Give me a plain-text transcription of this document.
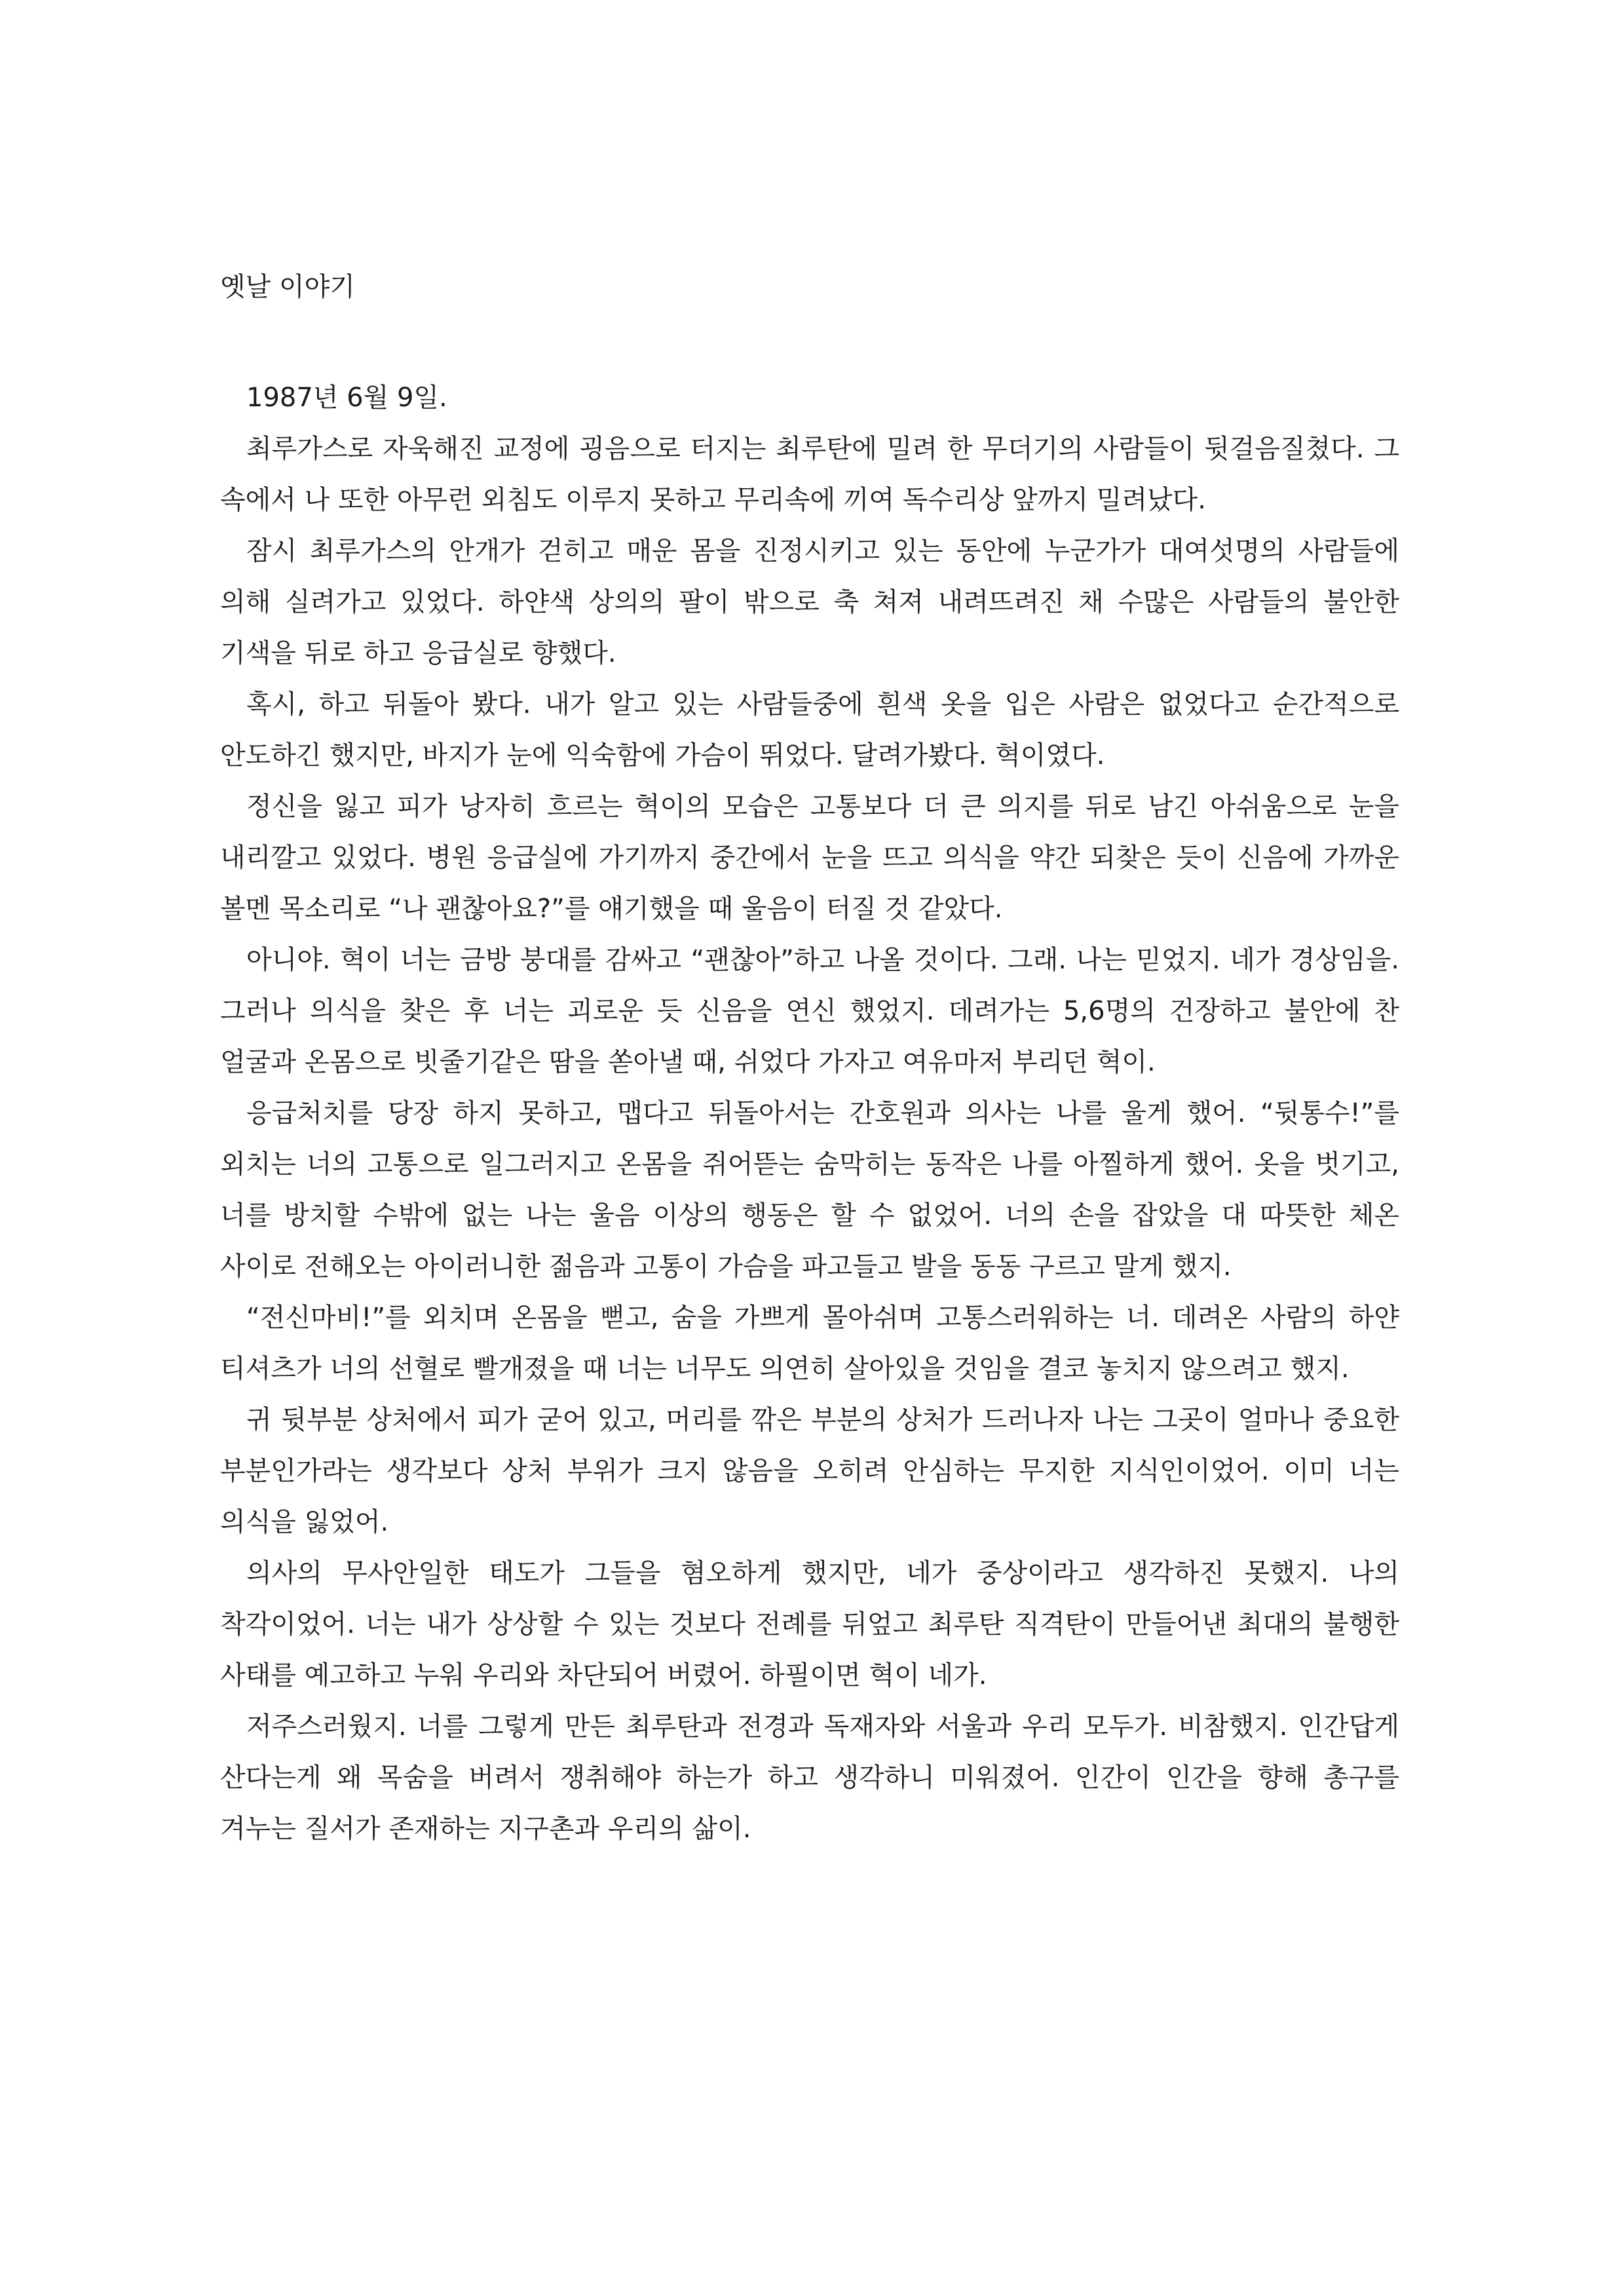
옛날 이야기

1987년 6월 9일.

최루가스로 자욱해진 교정에 굉음으로 터지는 최루탄에 밀려 한 무더기의 사람들이 뒷걸음질쳤다. 그 속에서 나 또한 아무런 외침도 이루지 못하고 무리속에 끼여 독수리상 앞까지 밀려났다.

잠시 최루가스의 안개가 걷히고 매운 몸을 진정시키고 있는 동안에 누군가가 대여섯명의 사람들에 의해 실려가고 있었다. 하얀색 상의의 팔이 밖으로 축 쳐져 내려뜨려진 채 수많은 사람들의 불안한 기색을 뒤로 하고 응급실로 향했다.

혹시, 하고 뒤돌아 봤다. 내가 알고 있는 사람들중에 흰색 옷을 입은 사람은 없었다고 순간적으로 안도하긴 했지만, 바지가 눈에 익숙함에 가슴이 뛰었다. 달려가봤다. 혁이였다.

정신을 잃고 피가 낭자히 흐르는 혁이의 모습은 고통보다 더 큰 의지를 뒤로 남긴 아쉬움으로 눈을 내리깔고 있었다. 병원 응급실에 가기까지 중간에서 눈을 뜨고 의식을 약간 되찾은 듯이 신음에 가까운 볼멘 목소리로 “나 괜찮아요?”를 얘기했을 때 울음이 터질 것 같았다.

아니야. 혁이 너는 금방 붕대를 감싸고 “괜찮아”하고 나올 것이다. 그래. 나는 믿었지. 네가 경상임을. 그러나 의식을 찾은 후 너는 괴로운 듯 신음을 연신 했었지. 데려가는 5,6명의 건장하고 불안에 찬 얼굴과 온몸으로 빗줄기같은 땀을 쏟아낼 때, 쉬었다 가자고 여유마저 부리던 혁이.

응급처치를 당장 하지 못하고, 맵다고 뒤돌아서는 간호원과 의사는 나를 울게 했어. “뒷통수!”를 외치는 너의 고통으로 일그러지고 온몸을 쥐어뜯는 숨막히는 동작은 나를 아찔하게 했어. 옷을 벗기고, 너를 방치할 수밖에 없는 나는 울음 이상의 행동은 할 수 없었어. 너의 손을 잡았을 대 따뜻한 체온 사이로 전해오는 아이러니한 젊음과 고통이 가슴을 파고들고 발을 동동 구르고 말게 했지.

“전신마비!”를 외치며 온몸을 뻗고, 숨을 가쁘게 몰아쉬며 고통스러워하는 너. 데려온 사람의 하얀 티셔츠가 너의 선혈로 빨개졌을 때 너는 너무도 의연히 살아있을 것임을 결코 놓치지 않으려고 했지.

귀 뒷부분 상처에서 피가 굳어 있고, 머리를 깎은 부분의 상처가 드러나자 나는 그곳이 얼마나 중요한 부분인가라는 생각보다 상처 부위가 크지 않음을 오히려 안심하는 무지한 지식인이었어. 이미 너는 의식을 잃었어.

의사의 무사안일한 태도가 그들을 혐오하게 했지만, 네가 중상이라고 생각하진 못했지. 나의 착각이었어. 너는 내가 상상할 수 있는 것보다 전례를 뒤엎고 최루탄 직격탄이 만들어낸 최대의 불행한 사태를 예고하고 누워 우리와 차단되어 버렸어. 하필이면 혁이 네가.

저주스러웠지. 너를 그렇게 만든 최루탄과 전경과 독재자와 서울과 우리 모두가. 비참했지. 인간답게 산다는게 왜 목숨을 버려서 쟁취해야 하는가 하고 생각하니 미워졌어. 인간이 인간을 향해 총구를 겨누는 질서가 존재하는 지구촌과 우리의 삶이.
